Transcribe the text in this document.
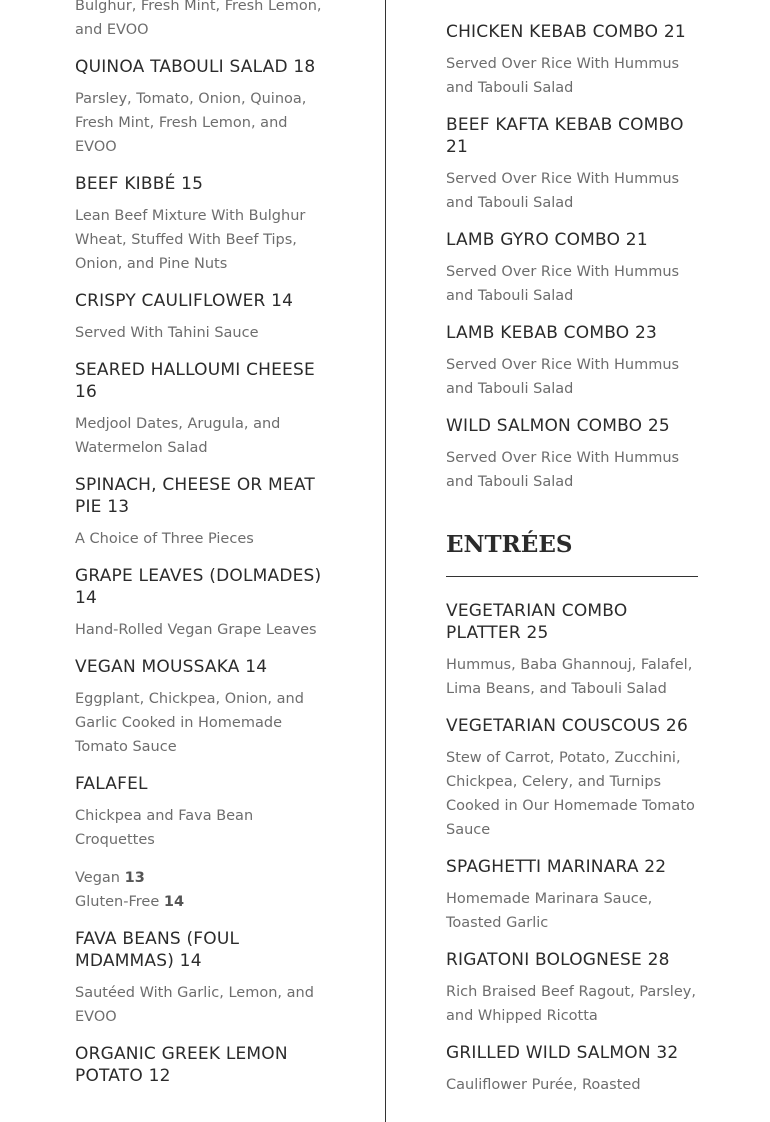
Bulghur, Fresh Mint, Fresh Lemon, and EVOO

QUINOA TABOULI SALAD 18

Parsley, Tomato, Onion, Quinoa, Fresh Mint, Fresh Lemon, and EVOO

BEEF KIBBÉ 15

Lean Beef Mixture With Bulghur Wheat, Stuffed With Beef Tips, Onion, and Pine Nuts

CRISPY CAULIFLOWER 14

Served With Tahini Sauce

SEARED HALLOUMI CHEESE 16

Medjool Dates, Arugula, and Watermelon Salad

SPINACH, CHEESE OR MEAT PIE 13

A Choice of Three Pieces

GRAPE LEAVES (DOLMADES) 14

Hand-Rolled Vegan Grape Leaves

VEGAN MOUSSAKA 14

Eggplant, Chickpea, Onion, and Garlic Cooked in Homemade Tomato Sauce

FALAFEL

Chickpea and Fava Bean Croquettes

Vegan 13
Gluten-Free 14

FAVA BEANS (FOUL MDAMMAS) 14

Sautéed With Garlic, Lemon, and EVOO

ORGANIC GREEK LEMON POTATO 12

CHICKEN KEBAB COMBO 21

Served Over Rice With Hummus and Tabouli Salad

BEEF KAFTA KEBAB COMBO 21

Served Over Rice With Hummus and Tabouli Salad

LAMB GYRO COMBO 21

Served Over Rice With Hummus and Tabouli Salad

LAMB KEBAB COMBO 23

Served Over Rice With Hummus and Tabouli Salad

WILD SALMON COMBO 25

Served Over Rice With Hummus and Tabouli Salad

ENTRÉES

VEGETARIAN COMBO PLATTER 25

Hummus, Baba Ghannouj, Falafel, Lima Beans, and Tabouli Salad

VEGETARIAN COUSCOUS 26

Stew of Carrot, Potato, Zucchini, Chickpea, Celery, and Turnips Cooked in Our Homemade Tomato Sauce

SPAGHETTI MARINARA 22

Homemade Marinara Sauce, Toasted Garlic

RIGATONI BOLOGNESE 28

Rich Braised Beef Ragout, Parsley, and Whipped Ricotta

GRILLED WILD SALMON 32

Cauliflower Purée, Roasted
